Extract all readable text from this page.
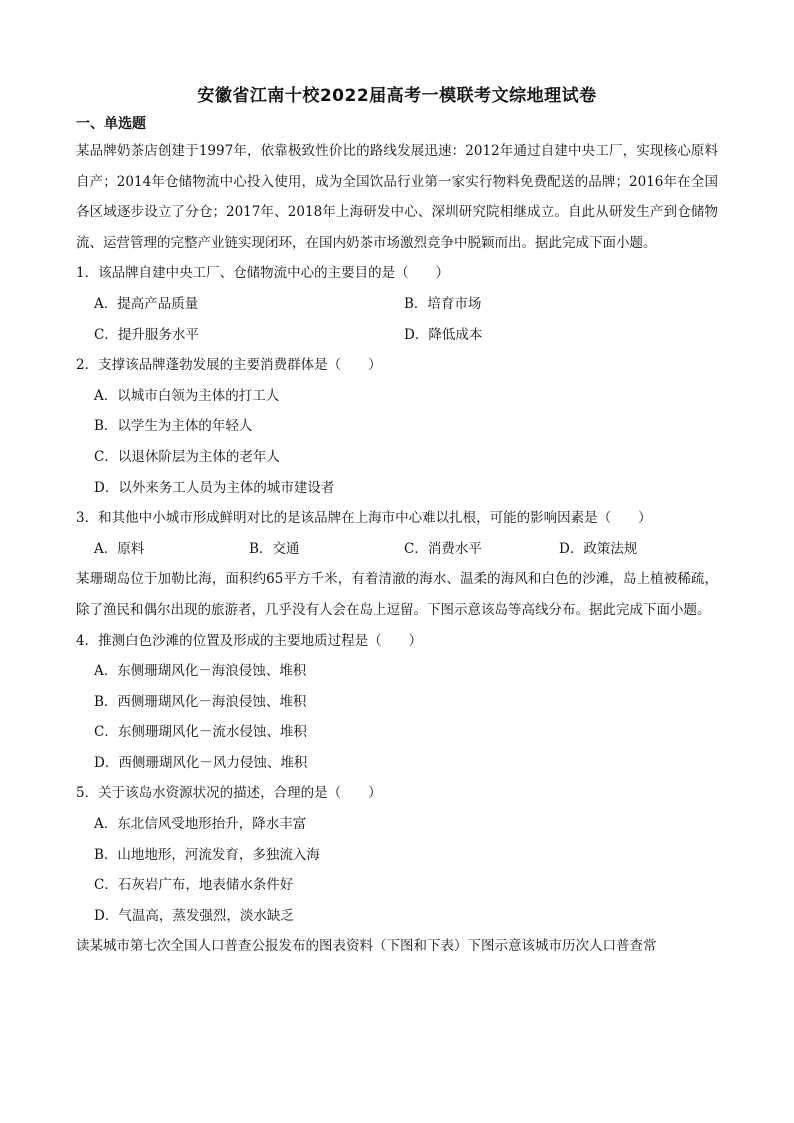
安徽省江南十校2022届高考一模联考文综地理试卷
一、单选题

某品牌奶茶店创建于1997年，依靠极致性价比的路线发展迅速：2012年通过自建中央工厂，实现核心原料自产；2014年仓储物流中心投入使用，成为全国饮品行业第一家实行物料免费配送的品牌；2016年在全国各区域逐步设立了分仓；2017年、2018年上海研发中心、深圳研究院相继成立。自此从研发生产到仓储物流、运营管理的完整产业链实现闭环，在国内奶茶市场激烈竞争中脱颖而出。据此完成下面小题。

1．该品牌自建中央工厂、仓储物流中心的主要目的是（　　）

A．提高产品质量	B．培育市场
C．提升服务水平	D．降低成本

2．支撑该品牌蓬勃发展的主要消费群体是（　　）

A．以城市白领为主体的打工人
B．以学生为主体的年轻人
C．以退休阶层为主体的老年人
D．以外来务工人员为主体的城市建设者

3．和其他中小城市形成鲜明对比的是该品牌在上海市中心难以扎根，可能的影响因素是（　　）

A．原料	B．交通	C．消费水平	D．政策法规

某珊瑚岛位于加勒比海，面积约65平方千米，有着清澈的海水、温柔的海风和白色的沙滩，岛上植被稀疏，除了渔民和偶尔出现的旅游者，几乎没有人会在岛上逗留。下图示意该岛等高线分布。据此完成下面小题。

4．推测白色沙滩的位置及形成的主要地质过程是（　　）

A．东侧珊瑚风化－海浪侵蚀、堆积
B．西侧珊瑚风化－海浪侵蚀、堆积
C．东侧珊瑚风化－流水侵蚀、堆积
D．西侧珊瑚风化－风力侵蚀、堆积

5．关于该岛水资源状况的描述，合理的是（　　）

A．东北信风受地形抬升，降水丰富
B．山地地形，河流发育，多独流入海
C．石灰岩广布，地表储水条件好
D．气温高，蒸发强烈，淡水缺乏

读某城市第七次全国人口普查公报发布的图表资料（下图和下表）下图示意该城市历次人口普查常
